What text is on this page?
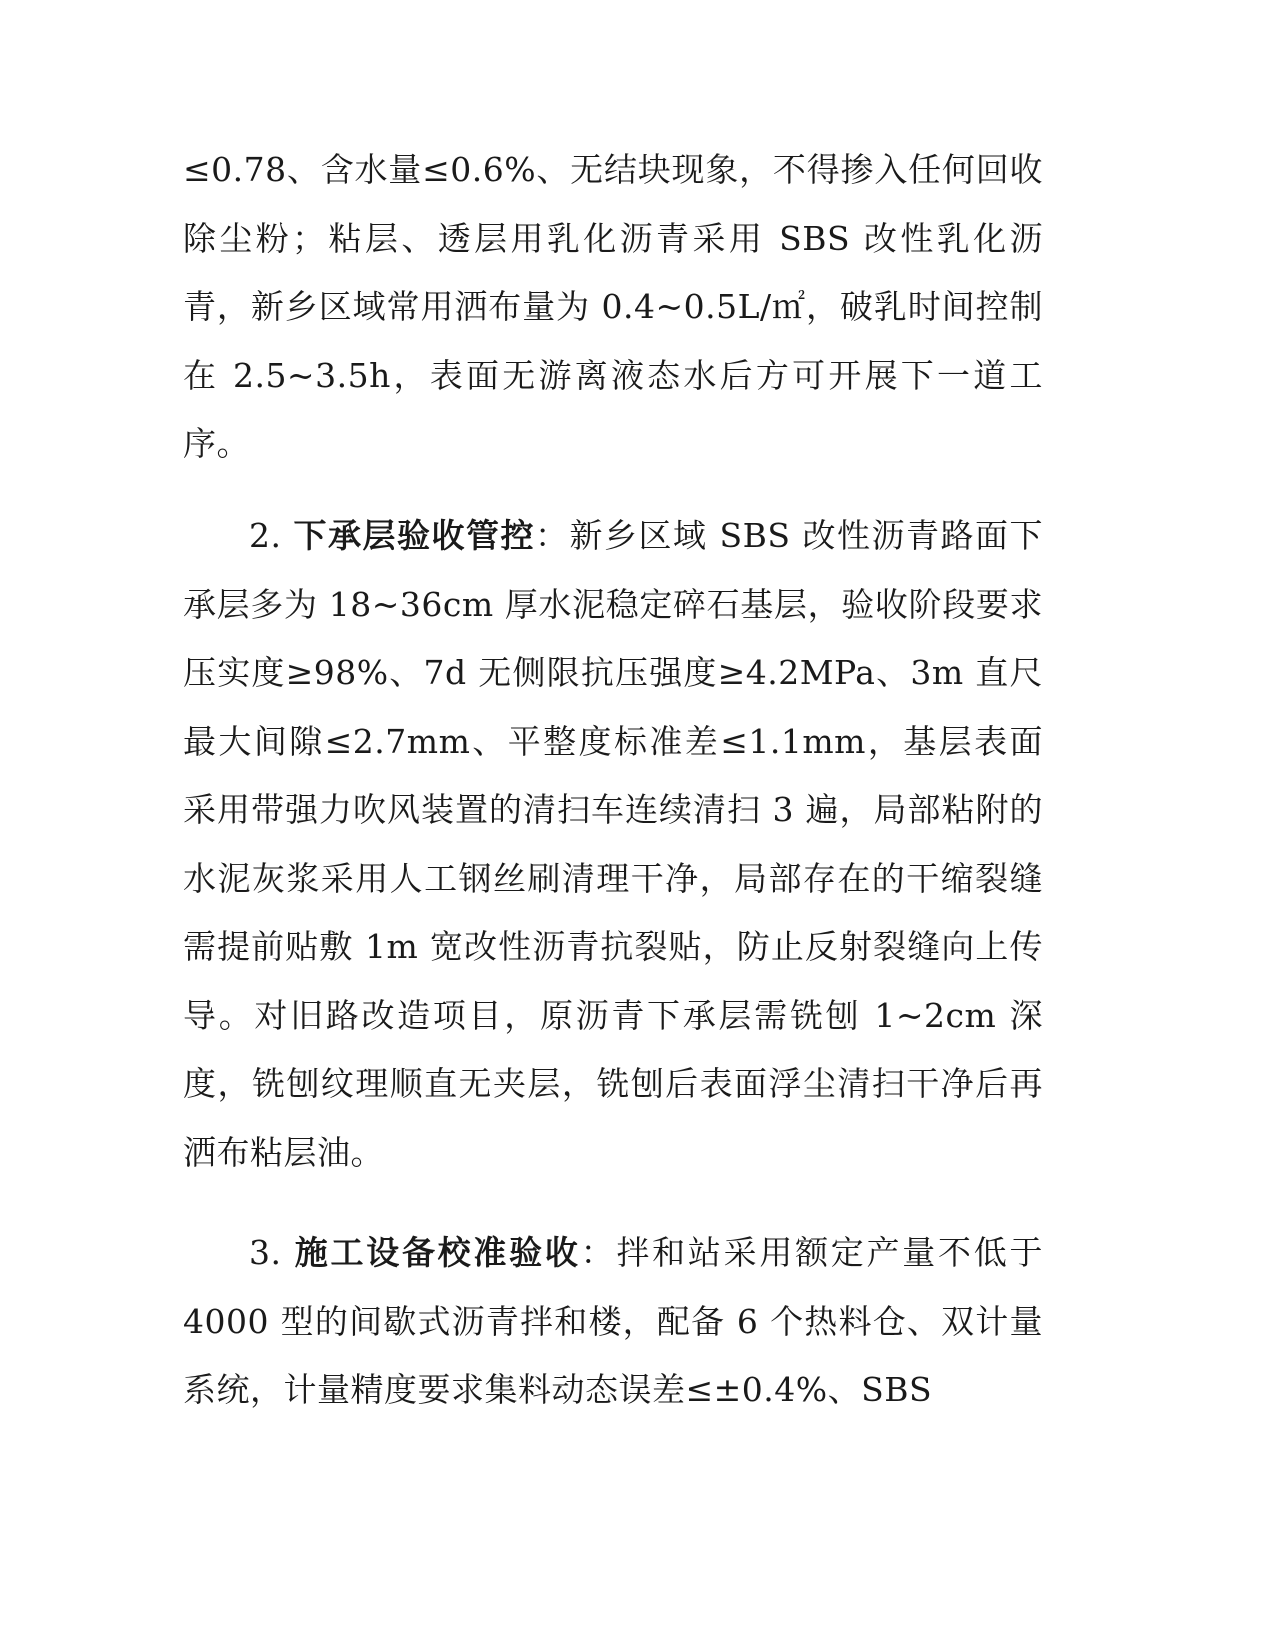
≤0.78、含水量≤0.6%、无结块现象，不得掺入任何回收除尘粉；粘层、透层用乳化沥青采用 SBS 改性乳化沥青，新乡区域常用洒布量为 0.4~0.5L/㎡，破乳时间控制在 2.5~3.5h，表面无游离液态水后方可开展下一道工序。

2. 下承层验收管控：新乡区域 SBS 改性沥青路面下承层多为 18~36cm 厚水泥稳定碎石基层，验收阶段要求压实度≥98%、7d 无侧限抗压强度≥4.2MPa、3m 直尺最大间隙≤2.7mm、平整度标准差≤1.1mm，基层表面采用带强力吹风装置的清扫车连续清扫 3 遍，局部粘附的水泥灰浆采用人工钢丝刷清理干净，局部存在的干缩裂缝需提前贴敷 1m 宽改性沥青抗裂贴，防止反射裂缝向上传导。对旧路改造项目，原沥青下承层需铣刨 1~2cm 深度，铣刨纹理顺直无夹层，铣刨后表面浮尘清扫干净后再洒布粘层油。

3. 施工设备校准验收：拌和站采用额定产量不低于 4000 型的间歇式沥青拌和楼，配备 6 个热料仓、双计量系统，计量精度要求集料动态误差≤±0.4%、SBS
